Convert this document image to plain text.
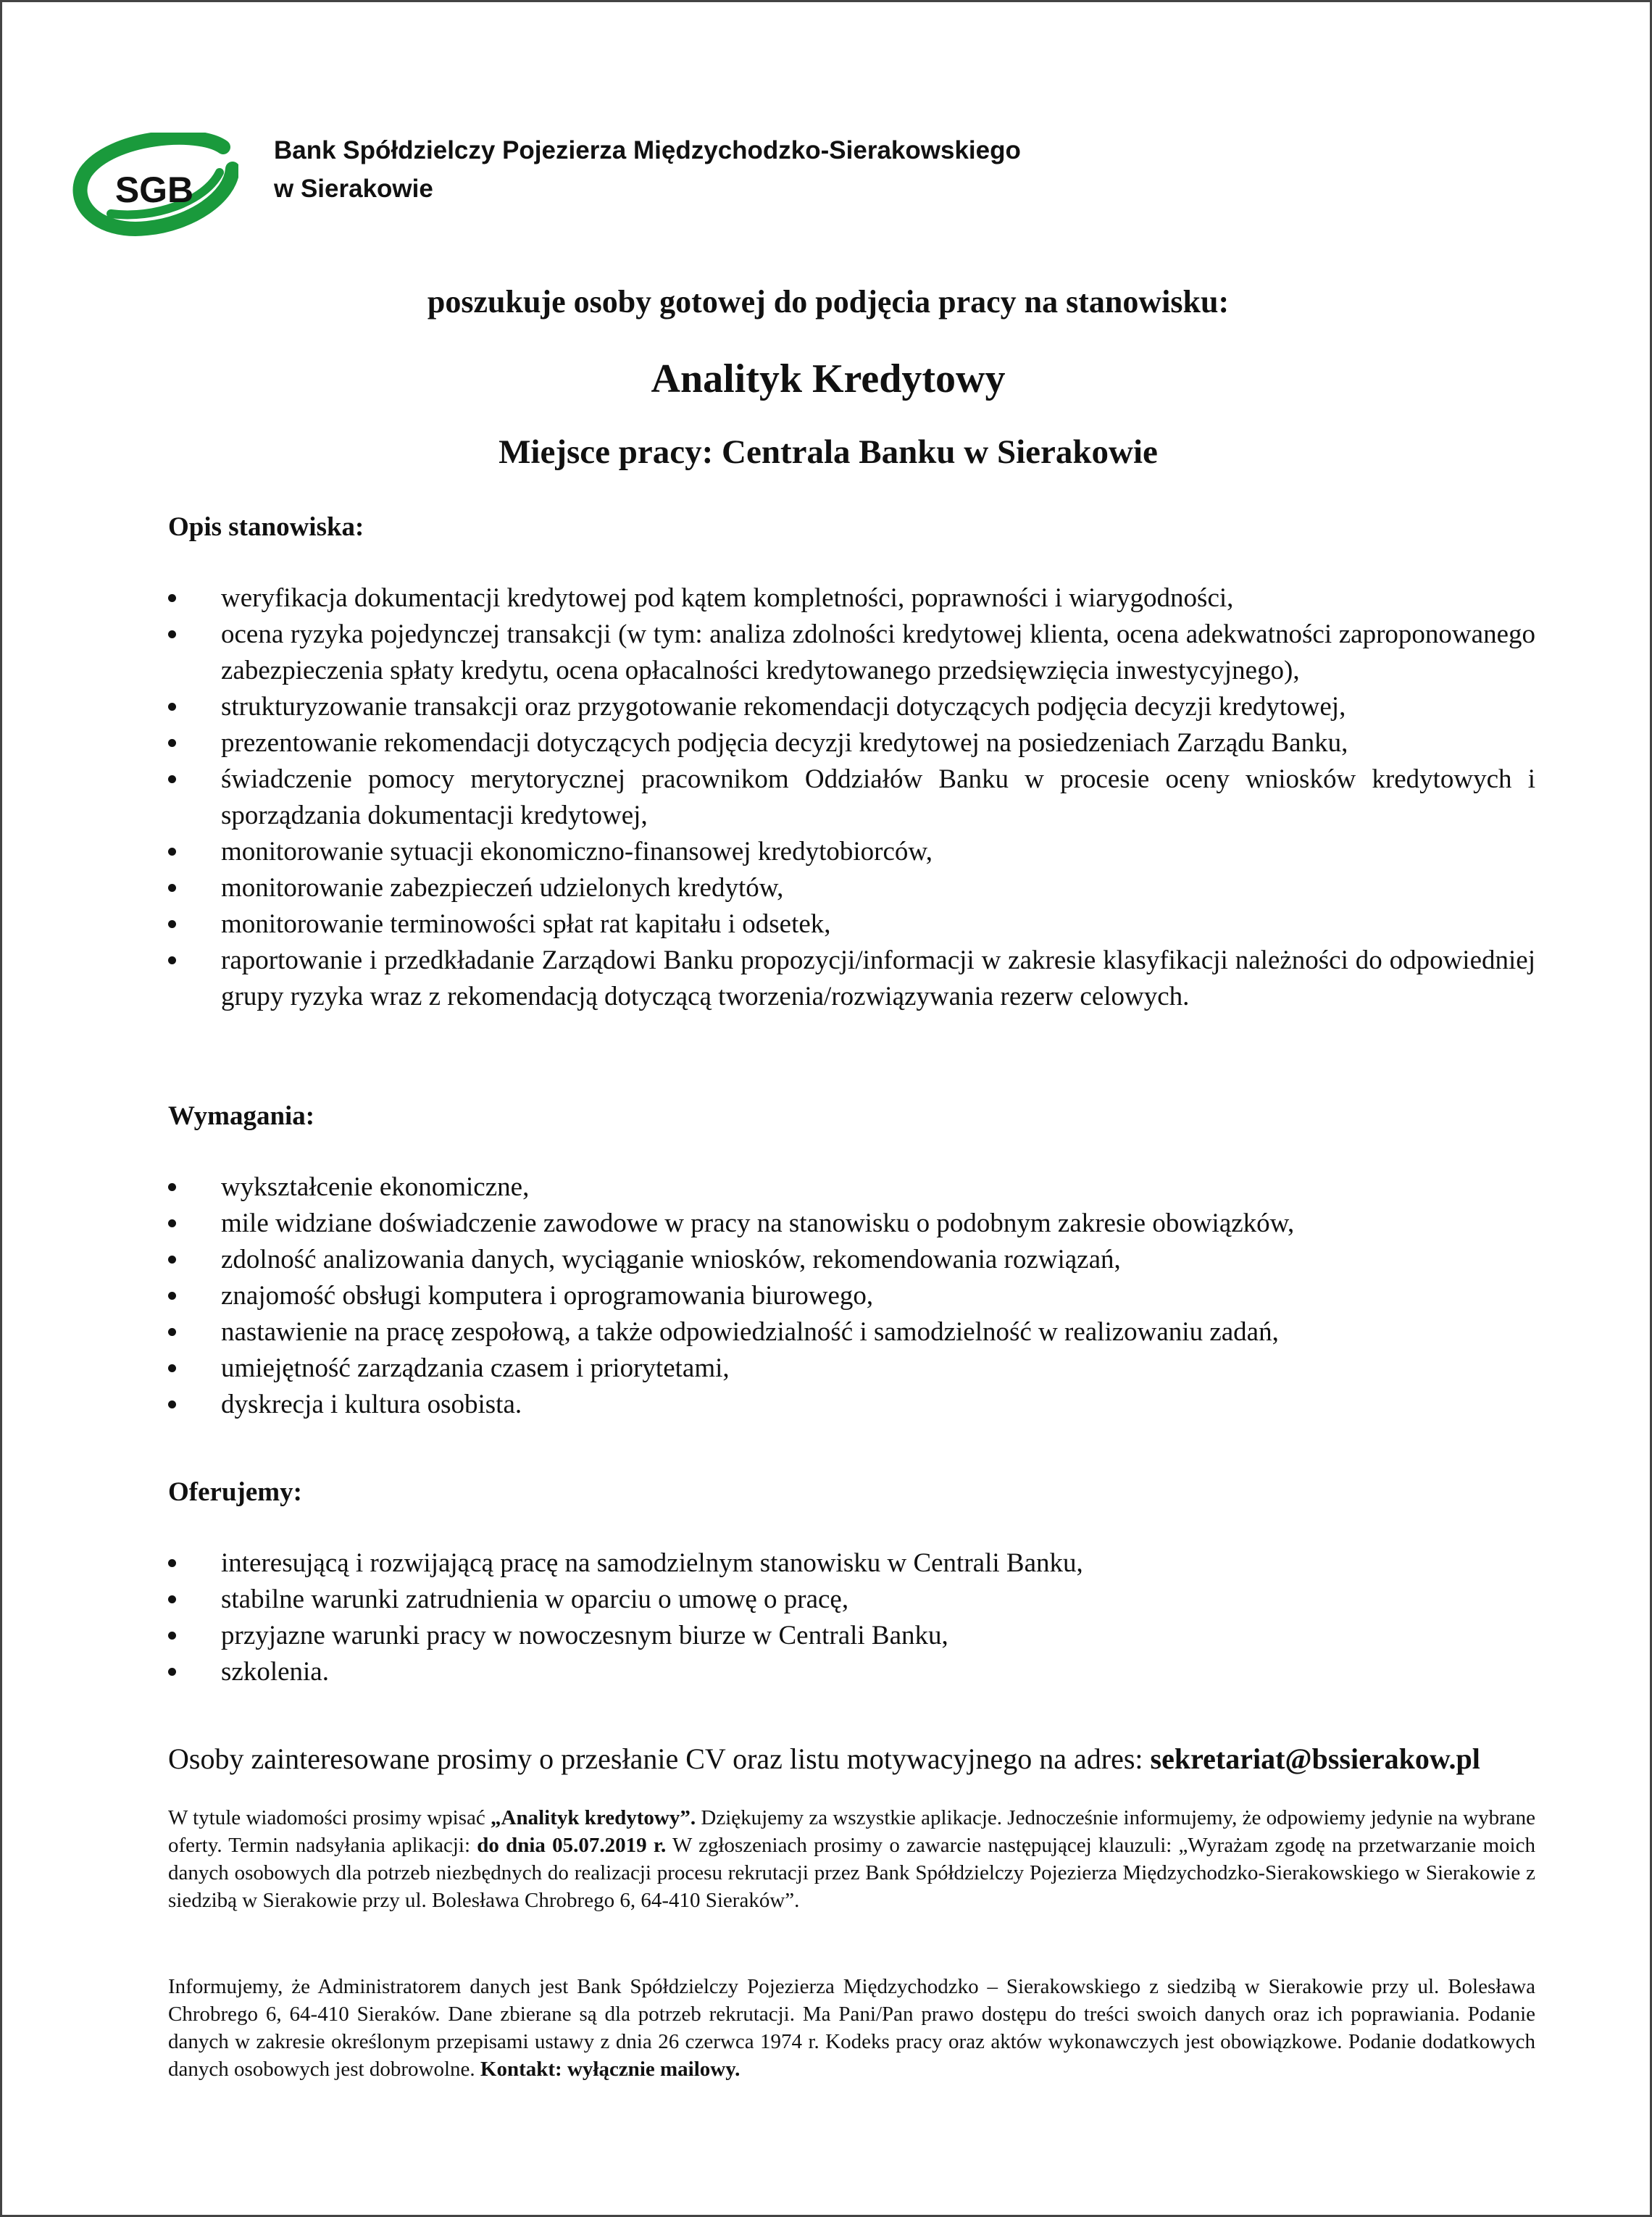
SGB
Bank Spółdzielczy Pojezierza Międzychodzko-Sierakowskiego
w Sierakowie
poszukuje osoby gotowej do podjęcia pracy na stanowisku:
Analityk Kredytowy
Miejsce pracy: Centrala Banku w Sierakowie
Opis stanowiska:
weryfikacja dokumentacji kredytowej pod kątem kompletności, poprawności i wiarygodności,
ocena ryzyka pojedynczej transakcji (w tym: analiza zdolności kredytowej klienta, ocena adekwatności zaproponowanego zabezpieczenia spłaty kredytu, ocena opłacalności kredytowanego przedsięwzięcia inwestycyjnego),
strukturyzowanie transakcji oraz przygotowanie rekomendacji dotyczących podjęcia decyzji kredytowej,
prezentowanie rekomendacji dotyczących podjęcia decyzji kredytowej na posiedzeniach Zarządu Banku,
świadczenie pomocy merytorycznej pracownikom Oddziałów Banku w procesie oceny wniosków kredytowych i sporządzania dokumentacji kredytowej,
monitorowanie sytuacji ekonomiczno-finansowej kredytobiorców,
monitorowanie zabezpieczeń udzielonych kredytów,
monitorowanie terminowości spłat rat kapitału i odsetek,
raportowanie i przedkładanie Zarządowi Banku propozycji/informacji w zakresie klasyfikacji należności do odpowiedniej grupy ryzyka wraz z rekomendacją dotyczącą tworzenia/rozwiązywania rezerw celowych.
Wymagania:
wykształcenie ekonomiczne,
mile widziane doświadczenie zawodowe w pracy na stanowisku o podobnym zakresie obowiązków,
zdolność analizowania danych, wyciąganie wniosków, rekomendowania rozwiązań,
znajomość obsługi komputera i oprogramowania biurowego,
nastawienie na pracę zespołową, a także odpowiedzialność i samodzielność w realizowaniu zadań,
umiejętność zarządzania czasem i priorytetami,
dyskrecja i kultura osobista.
Oferujemy:
interesującą i rozwijającą pracę na samodzielnym stanowisku w Centrali Banku,
stabilne warunki zatrudnienia w oparciu o umowę o pracę,
przyjazne warunki pracy w nowoczesnym biurze w Centrali Banku,
szkolenia.
Osoby zainteresowane prosimy o przesłanie CV oraz listu motywacyjnego na adres: sekretariat@bssierakow.pl
W tytule wiadomości prosimy wpisać „Analityk kredytowy”. Dziękujemy za wszystkie aplikacje. Jednocześnie informujemy, że odpowiemy jedynie na wybrane oferty. Termin nadsyłania aplikacji: do dnia 05.07.2019 r. W zgłoszeniach prosimy o zawarcie następującej klauzuli: „Wyrażam zgodę na przetwarzanie moich danych osobowych dla potrzeb niezbędnych do realizacji procesu rekrutacji przez Bank Spółdzielczy Pojezierza Międzychodzko-Sierakowskiego w Sierakowie z siedzibą w Sierakowie przy ul. Bolesława Chrobrego 6, 64-410 Sieraków”.
Informujemy, że Administratorem danych jest Bank Spółdzielczy Pojezierza Międzychodzko – Sierakowskiego z siedzibą w Sierakowie przy ul. Bolesława Chrobrego 6, 64-410 Sieraków. Dane zbierane są dla potrzeb rekrutacji. Ma Pani/Pan prawo dostępu do treści swoich danych oraz ich poprawiania. Podanie danych w zakresie określonym przepisami ustawy z dnia 26 czerwca 1974 r. Kodeks pracy oraz aktów wykonawczych jest obowiązkowe. Podanie dodatkowych danych osobowych jest dobrowolne. Kontakt: wyłącznie mailowy.
